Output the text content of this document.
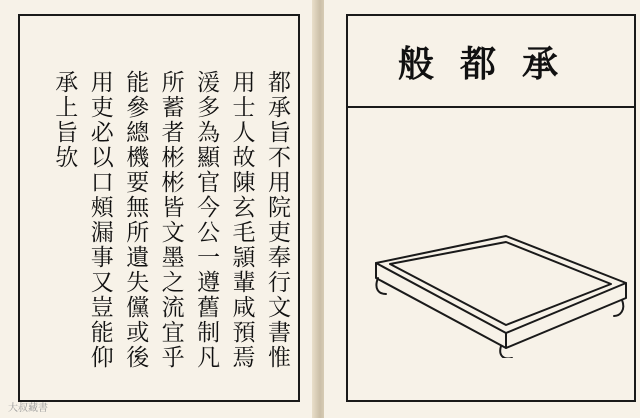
都承旨不用院吏奉行文書惟
用士人故陳玄毛頴輩咸預焉
湲多為顯官今公一遵舊制凡
所蓄者彬彬皆文墨之流宜乎
能參總機要無所遺失儻或後
用吏必以口頰漏事又豈能仰
承上旨欤
般都承
大叔藏書
